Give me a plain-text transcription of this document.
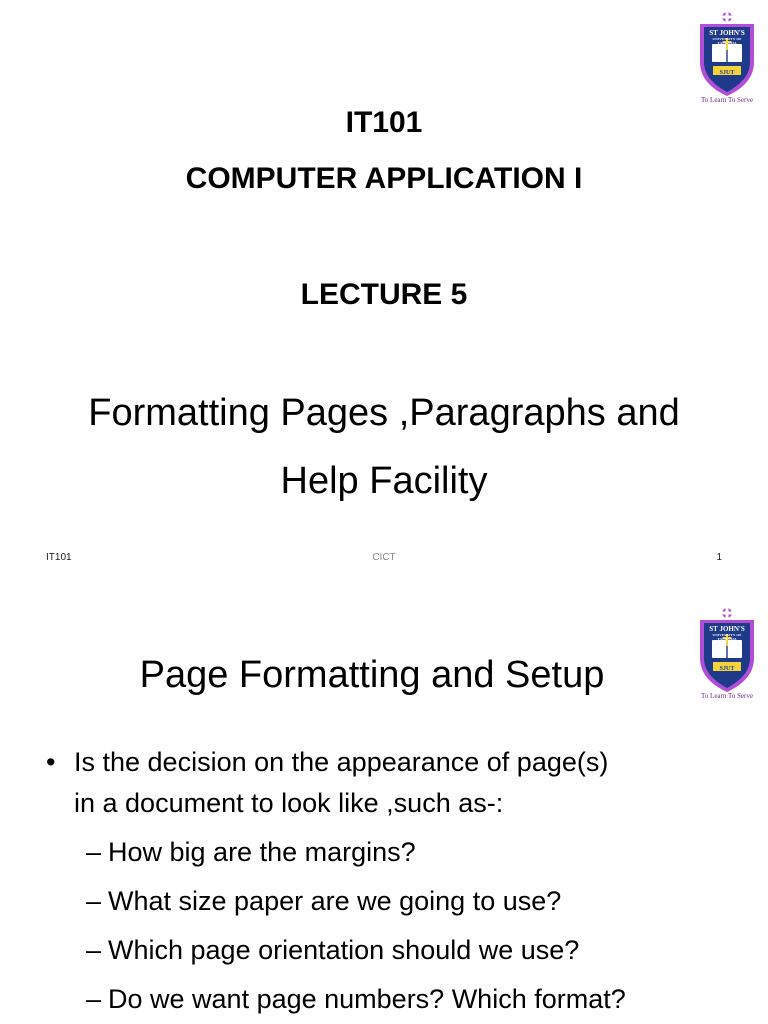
ST JOHN'S
UNIVERSITY OF TANZANIA
SJUT
To Learn To Serve
IT101
COMPUTER APPLICATION I
LECTURE 5
Formatting Pages ,Paragraphs and
Help Facility
IT101	CICT	1
ST JOHN'S
UNIVERSITY OF TANZANIA
SJUT
To Learn To Serve
Page Formatting and Setup
• Is the decision on the appearance of page(s)
in a document to look like ,such as-:
– How big are the margins?
– What size paper are we going to use?
– Which page orientation should we use?
– Do we want page numbers? Which format?
